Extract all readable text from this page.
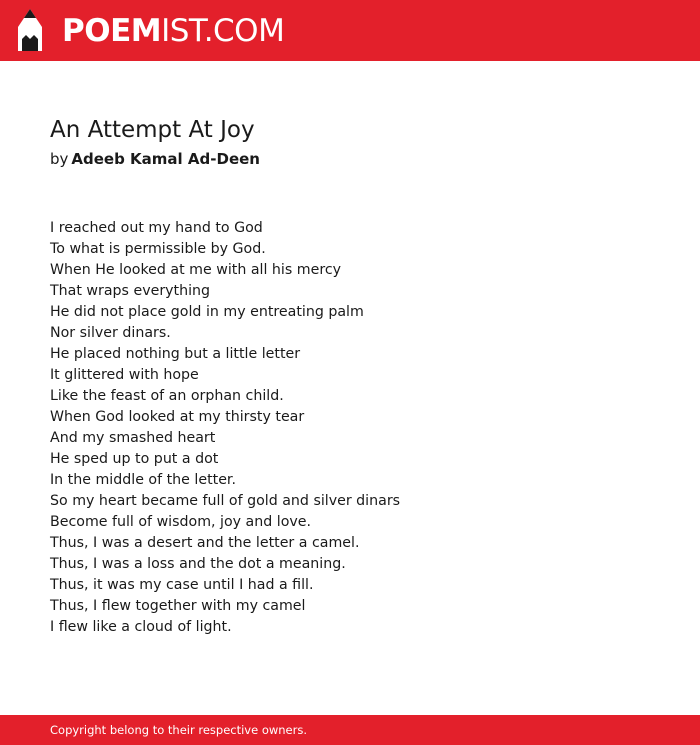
POEMIST.COM
An Attempt At Joy
by Adeeb Kamal Ad-Deen
I reached out my hand to God
To what is permissible by God.
When He looked at me with all his mercy
That wraps everything
He did not place gold in my entreating palm
Nor silver dinars.
He placed nothing but a little letter
It glittered with hope
Like the feast of an orphan child.
When God looked at my thirsty tear
And my smashed heart
He sped up to put a dot
In the middle of the letter.
So my heart became full of gold and silver dinars
Become full of wisdom, joy and love.
Thus, I was a desert and the letter a camel.
Thus, I was a loss and the dot a meaning.
Thus, it was my case until I had a fill.
Thus, I flew together with my camel
I flew like a cloud of light.
Copyright belong to their respective owners.
